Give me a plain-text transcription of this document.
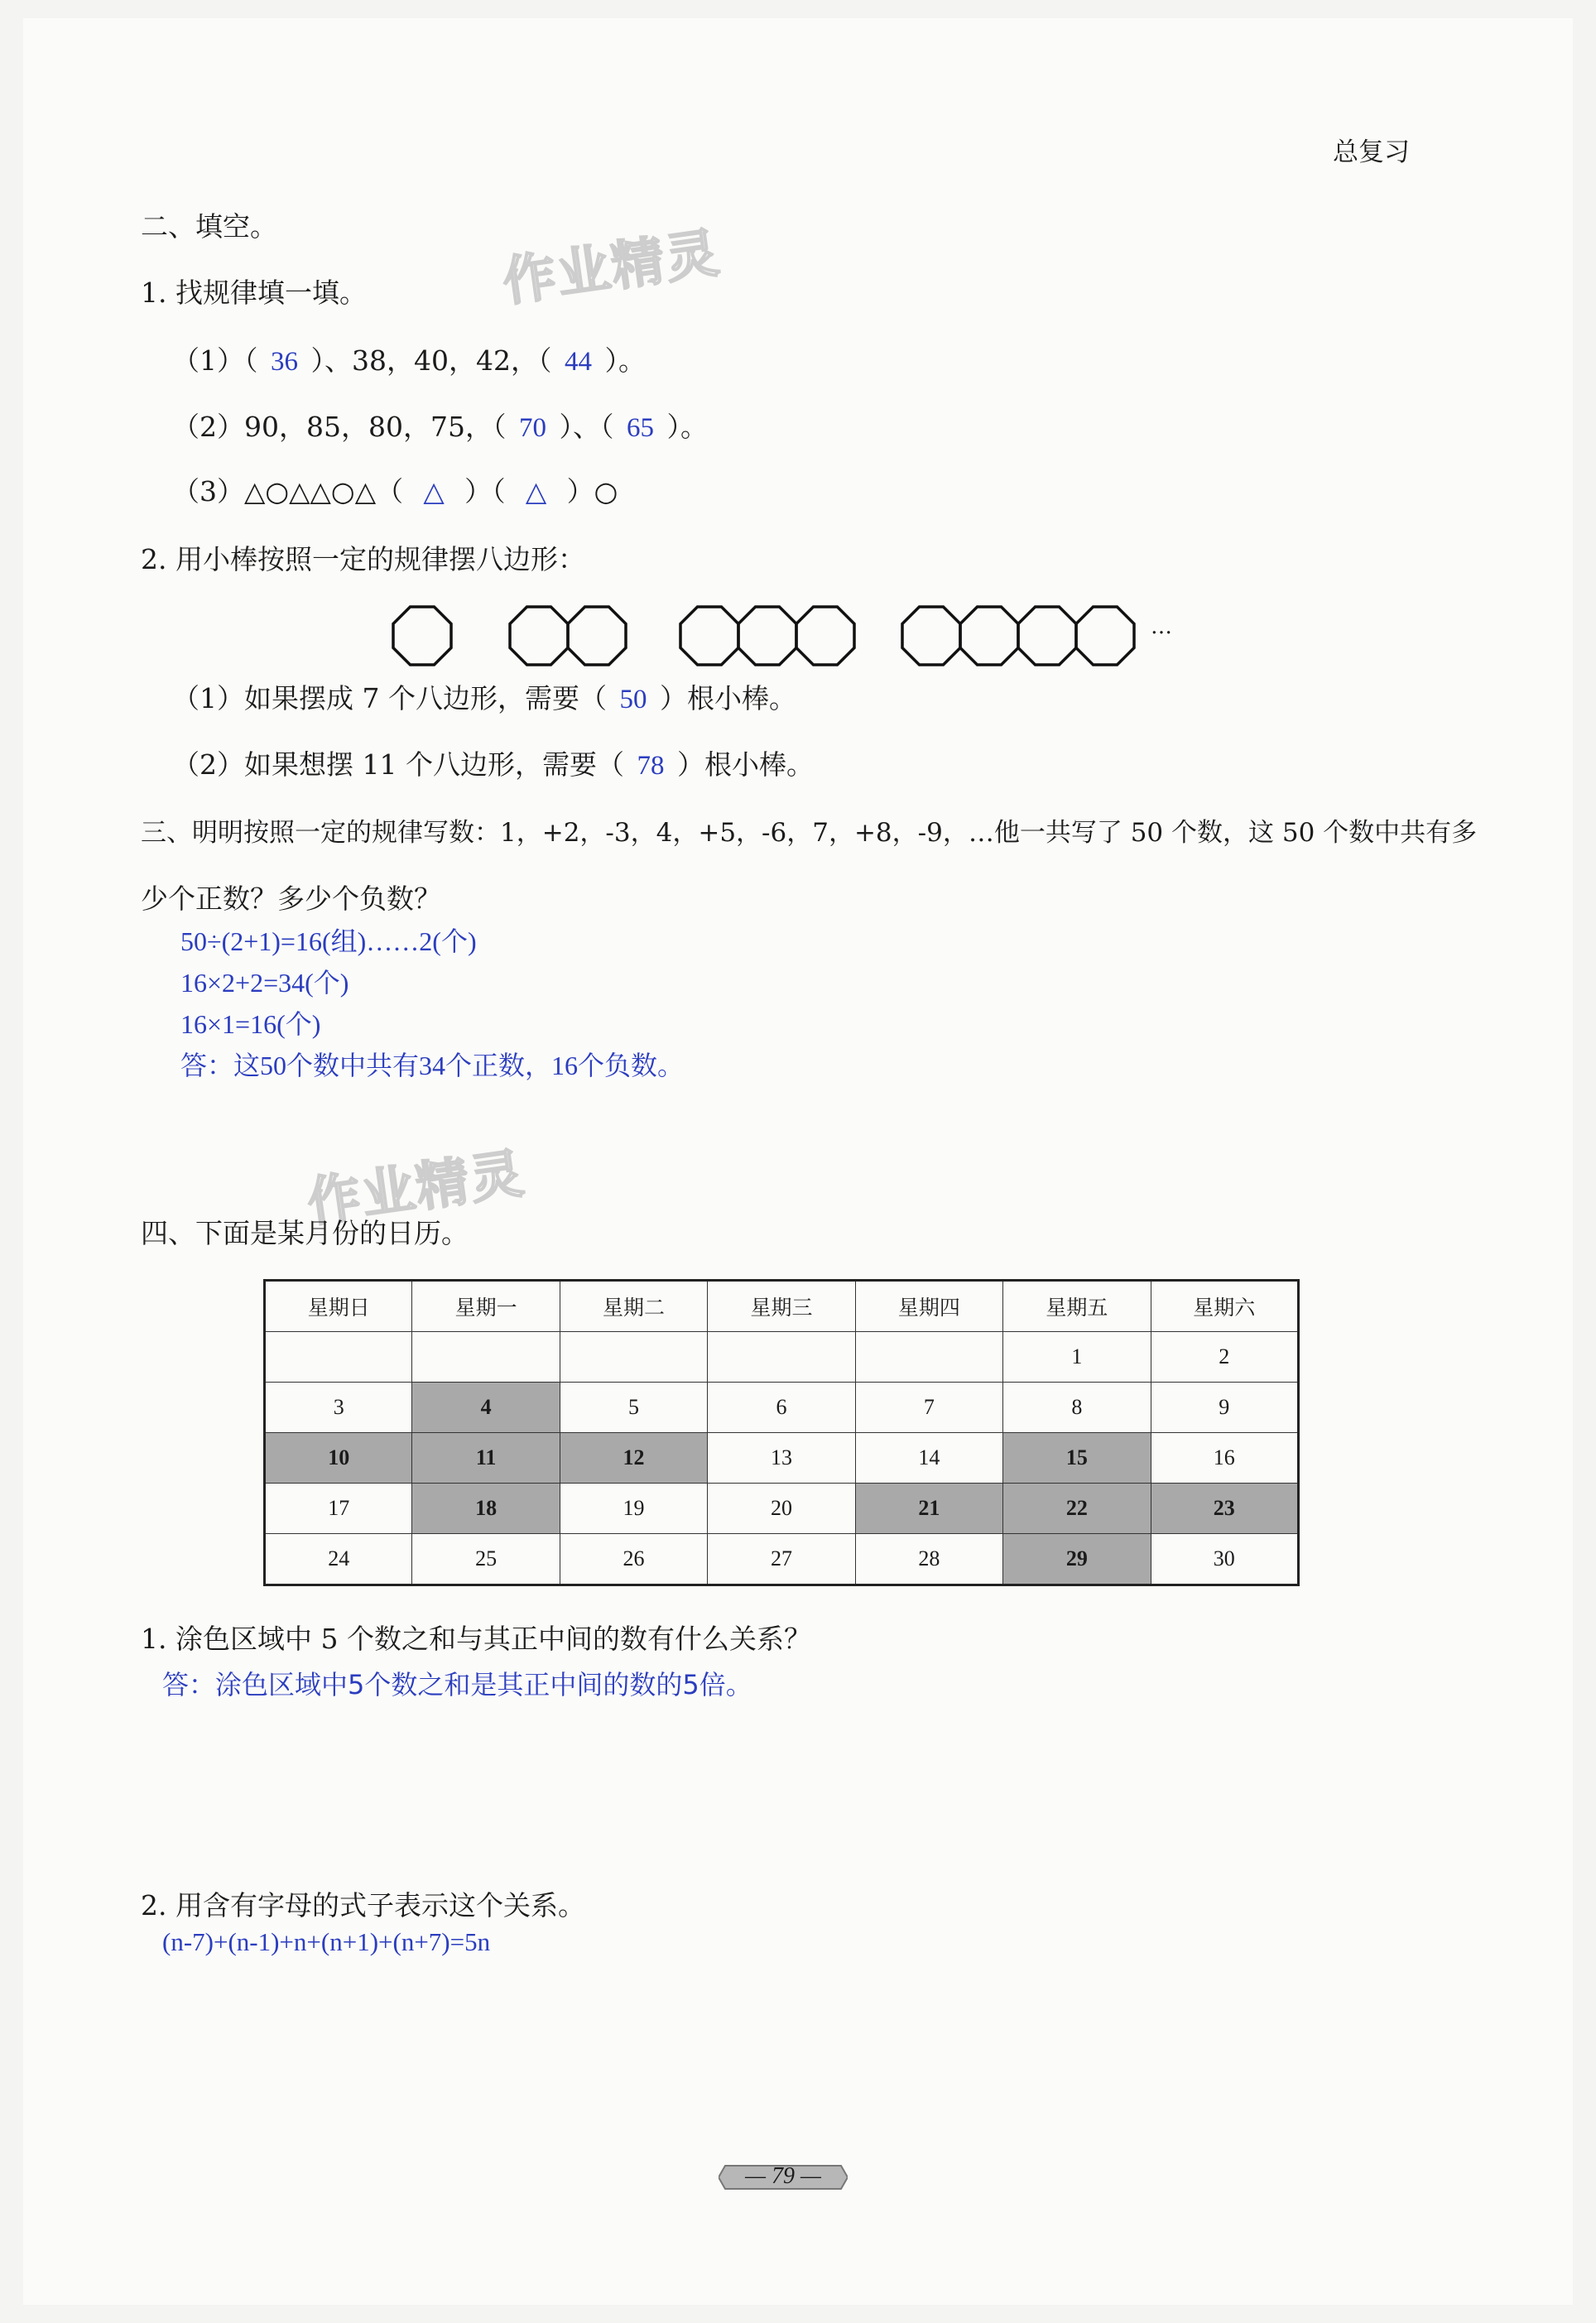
总复习
作业精灵
作业精灵
二、填空。
1. 找规律填一填。
（1）（ 36 ）、38，40，42，（ 44 ）。
（2）90，85，80，75，（ 70 ）、（ 65 ）。
（3）△○△△○△（ △ ）（ △ ）○
2. 用小棒按照一定的规律摆八边形：
…
（1）如果摆成 7 个八边形，需要（ 50 ）根小棒。
（2）如果想摆 11 个八边形，需要（ 78 ）根小棒。
三、明明按照一定的规律写数：1，+2，-3，4，+5，-6，7，+8，-9，…他一共写了 50 个数，这 50 个数中共有多
少个正数？多少个负数？
50÷(2+1)=16(组)……2(个)
16×2+2=34(个)
16×1=16(个)
答：这50个数中共有34个正数，16个负数。
四、下面是某月份的日历。
星期日	星期一	星期二	星期三	星期四	星期五	星期六
					1	2
3	4	5	6	7	8	9
10	11	12	13	14	15	16
17	18	19	20	21	22	23
24	25	26	27	28	29	30
1. 涂色区域中 5 个数之和与其正中间的数有什么关系？
答：涂色区域中5个数之和是其正中间的数的5倍。
2. 用含有字母的式子表示这个关系。
(n-7)+(n-1)+n+(n+1)+(n+7)=5n
— 79 —
